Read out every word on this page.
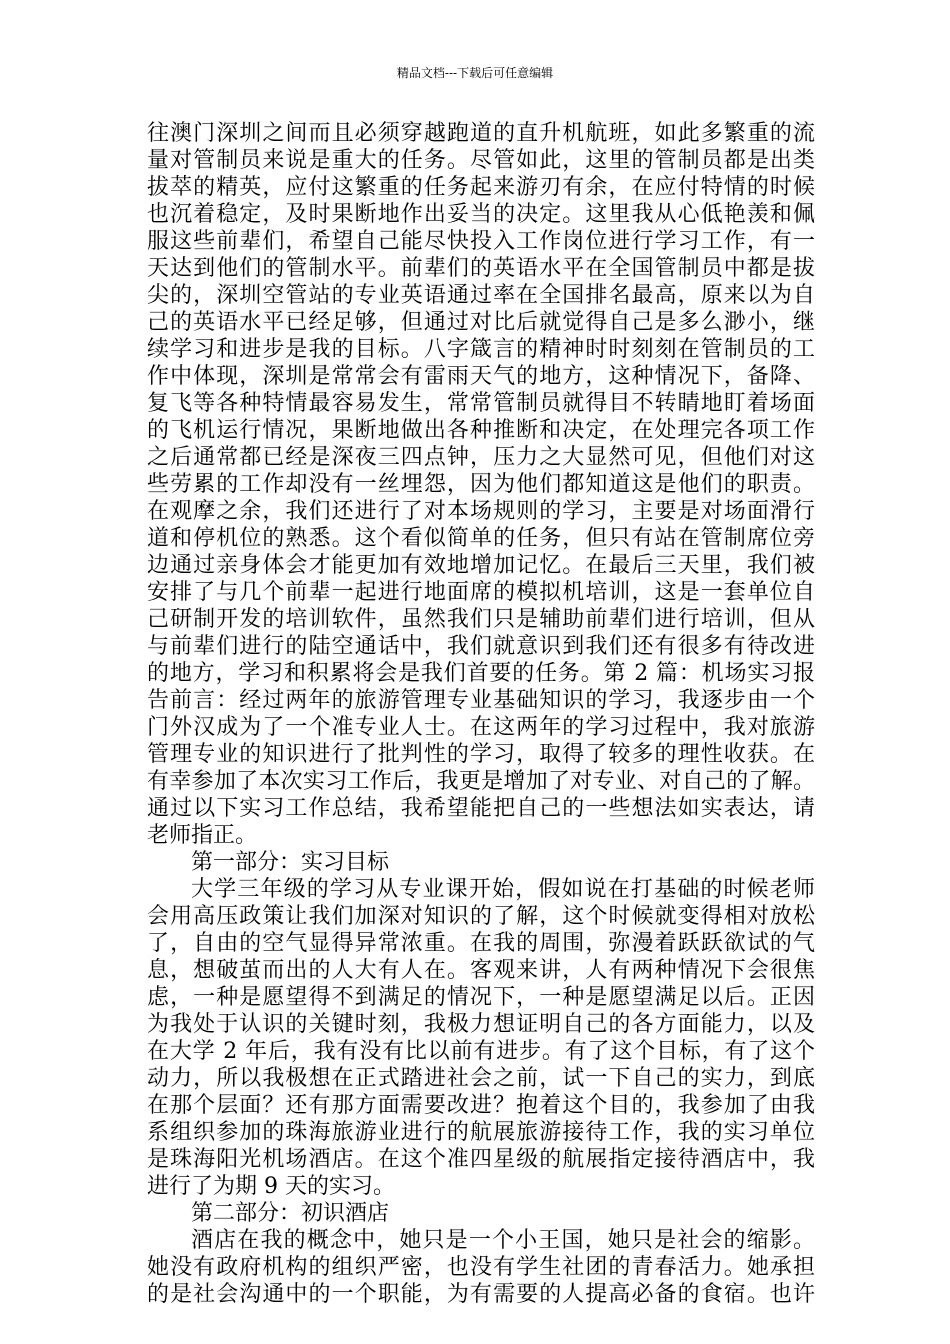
精品文档---下载后可任意编辑
往澳门深圳之间而且必须穿越跑道的直升机航班，如此多繁重的流
量对管制员来说是重大的任务。尽管如此，这里的管制员都是出类
拔萃的精英，应付这繁重的任务起来游刃有余，在应付特情的时候
也沉着稳定，及时果断地作出妥当的决定。这里我从心低艳羡和佩
服这些前辈们，希望自己能尽快投入工作岗位进行学习工作，有一
天达到他们的管制水平。前辈们的英语水平在全国管制员中都是拔
尖的，深圳空管站的专业英语通过率在全国排名最高，原来以为自
己的英语水平已经足够，但通过对比后就觉得自己是多么渺小，继
续学习和进步是我的目标。八字箴言的精神时时刻刻在管制员的工
作中体现，深圳是常常会有雷雨天气的地方，这种情况下，备降、
复飞等各种特情最容易发生，常常管制员就得目不转睛地盯着场面
的飞机运行情况，果断地做出各种推断和决定，在处理完各项工作
之后通常都已经是深夜三四点钟，压力之大显然可见，但他们对这
些劳累的工作却没有一丝埋怨，因为他们都知道这是他们的职责。
在观摩之余，我们还进行了对本场规则的学习，主要是对场面滑行
道和停机位的熟悉。这个看似简单的任务，但只有站在管制席位旁
边通过亲身体会才能更加有效地增加记忆。在最后三天里，我们被
安排了与几个前辈一起进行地面席的模拟机培训，这是一套单位自
己研制开发的培训软件，虽然我们只是辅助前辈们进行培训，但从
与前辈们进行的陆空通话中，我们就意识到我们还有很多有待改进
的地方，学习和积累将会是我们首要的任务。第 2 篇：机场实习报
告前言：经过两年的旅游管理专业基础知识的学习，我逐步由一个
门外汉成为了一个准专业人士。在这两年的学习过程中，我对旅游
管理专业的知识进行了批判性的学习，取得了较多的理性收获。在
有幸参加了本次实习工作后，我更是增加了对专业、对自己的了解。
通过以下实习工作总结，我希望能把自己的一些想法如实表达，请
老师指正。
第一部分：实习目标
大学三年级的学习从专业课开始，假如说在打基础的时候老师
会用高压政策让我们加深对知识的了解，这个时候就变得相对放松
了，自由的空气显得异常浓重。在我的周围，弥漫着跃跃欲试的气
息，想破茧而出的人大有人在。客观来讲，人有两种情况下会很焦
虑，一种是愿望得不到满足的情况下，一种是愿望满足以后。正因
为我处于认识的关键时刻，我极力想证明自己的各方面能力，以及
在大学 2 年后，我有没有比以前有进步。有了这个目标，有了这个
动力，所以我极想在正式踏进社会之前，试一下自己的实力，到底
在那个层面？还有那方面需要改进？抱着这个目的，我参加了由我
系组织参加的珠海旅游业进行的航展旅游接待工作，我的实习单位
是珠海阳光机场酒店。在这个准四星级的航展指定接待酒店中，我
进行了为期 9 天的实习。
第二部分：初识酒店
酒店在我的概念中，她只是一个小王国，她只是社会的缩影。
她没有政府机构的组织严密，也没有学生社团的青春活力。她承担
的是社会沟通中的一个职能，为有需要的人提高必备的食宿。也许
